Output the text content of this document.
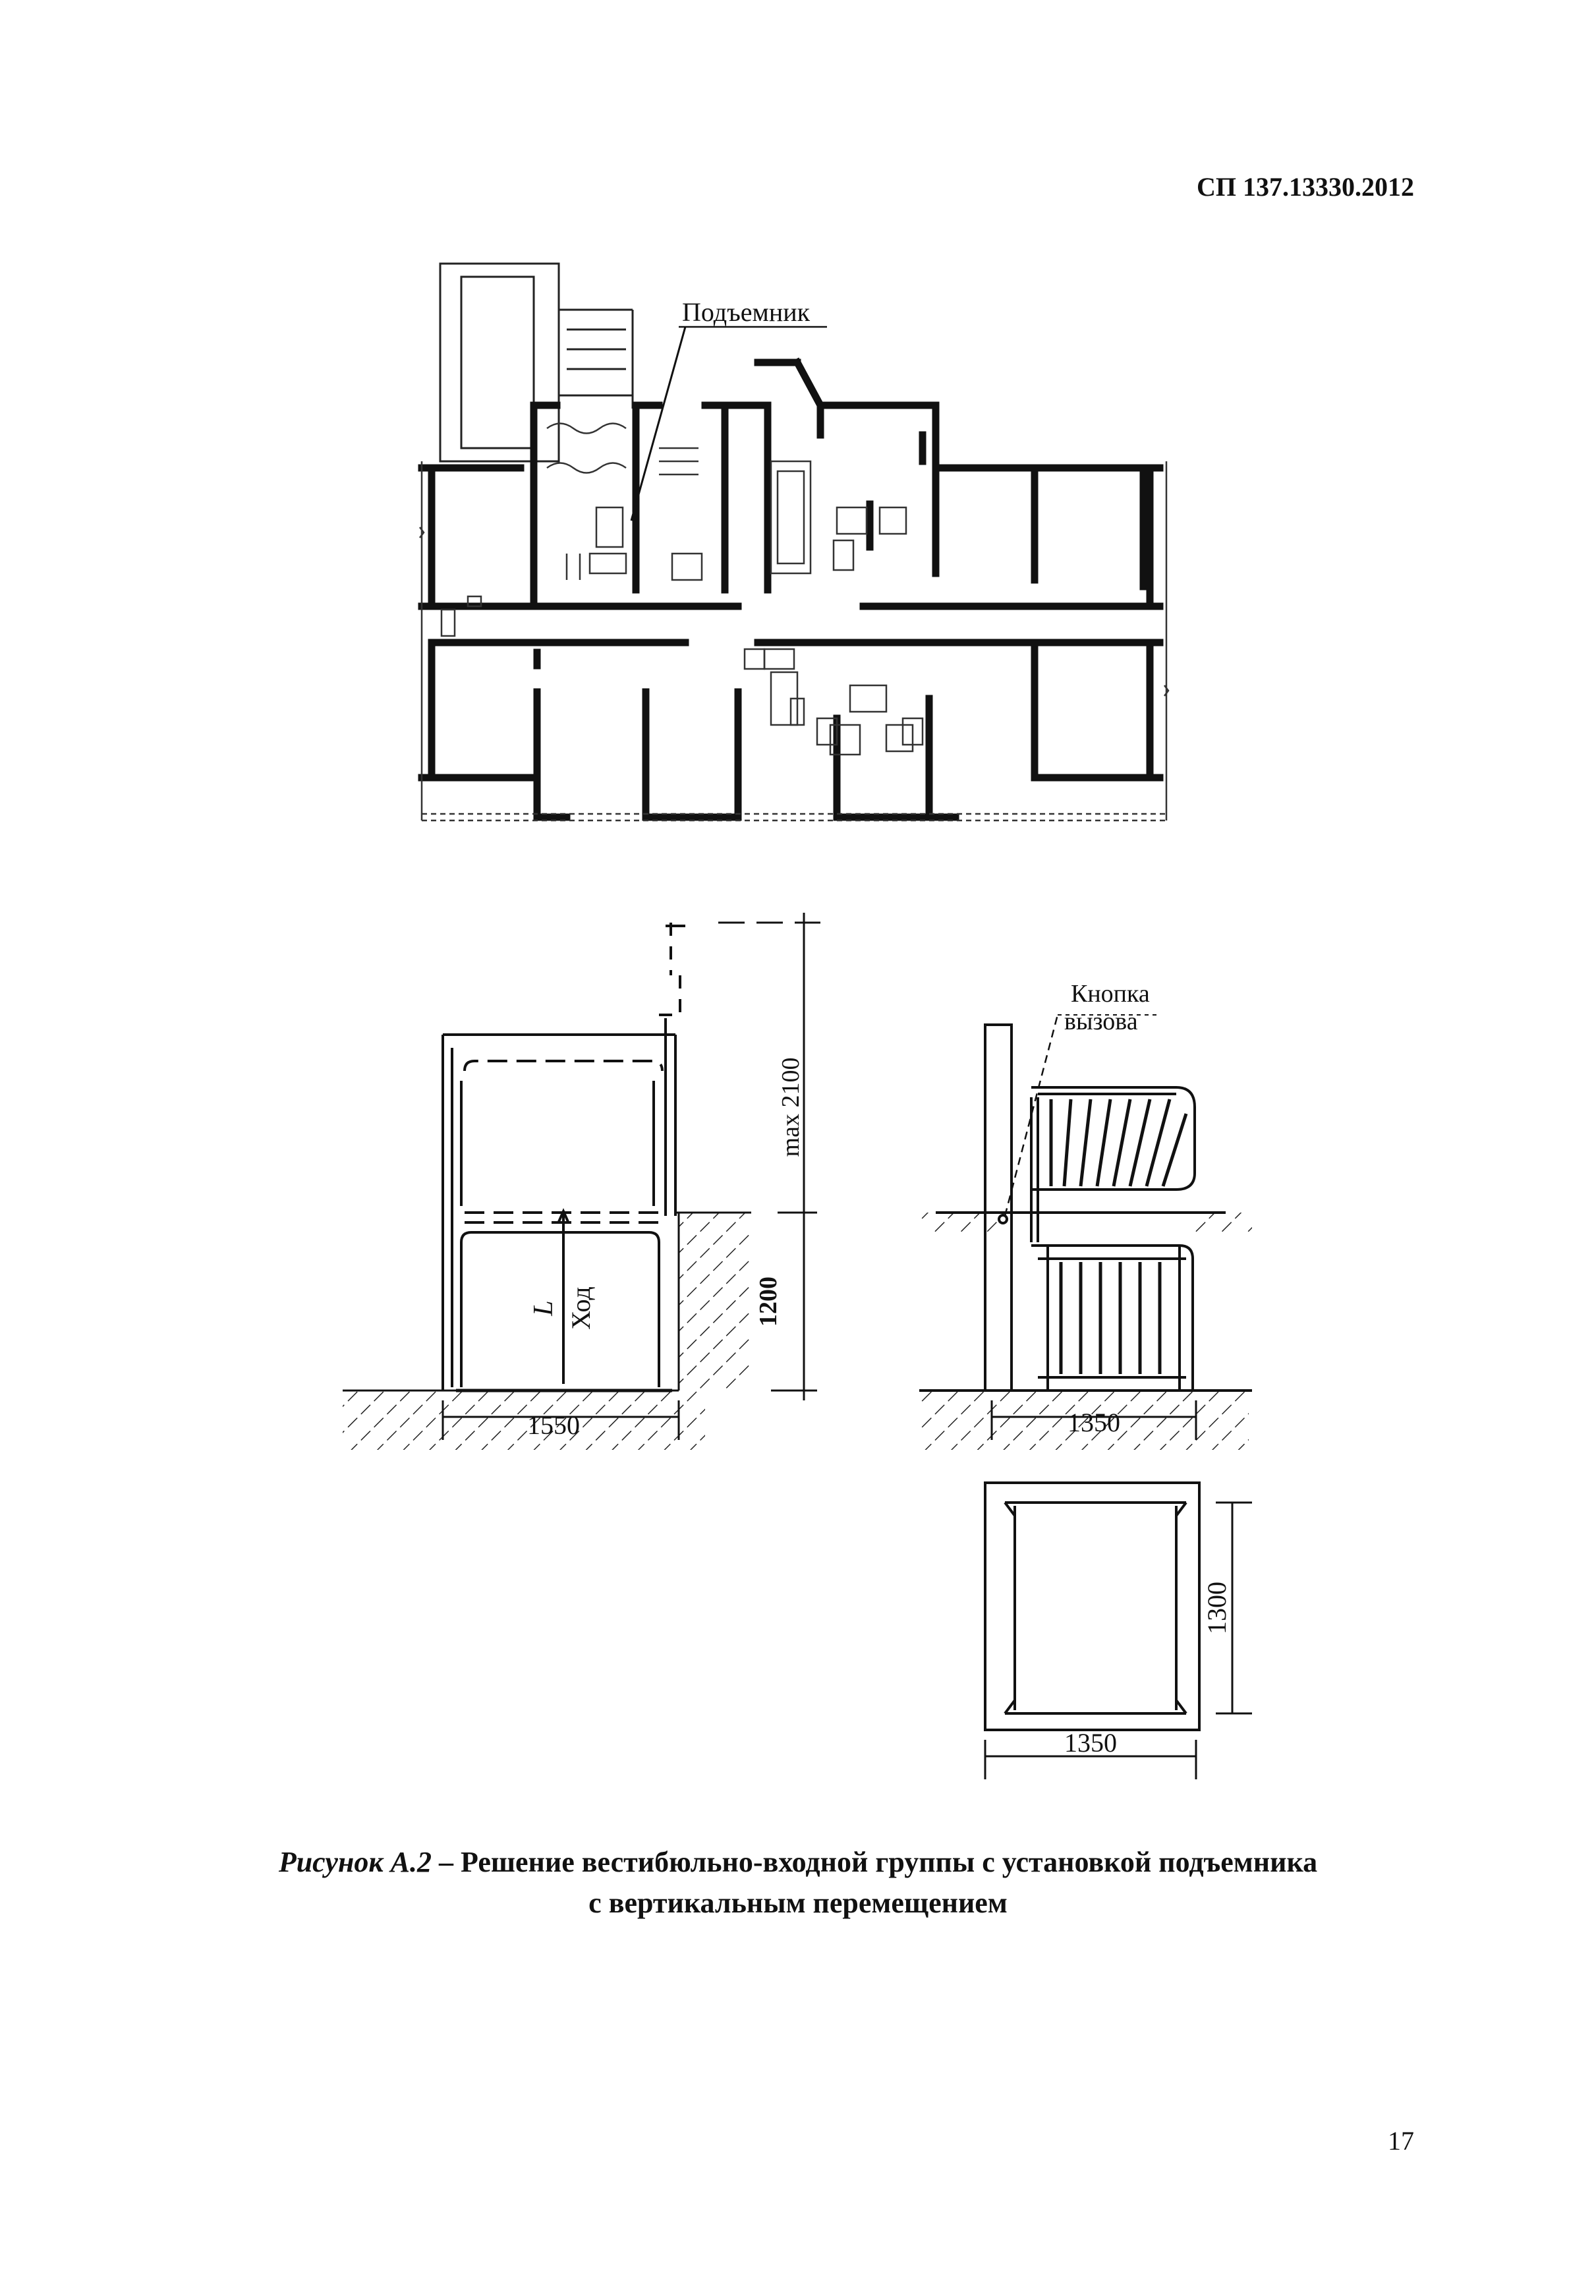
СП 137.13330.2012
Подъемник
max 2100
1200
L Ход
1550
Кнопка
вызова
1350
1300
1350
Рисунок А.2 – Решение вестибюльно-входной группы с установкой подъемника
с вертикальным перемещением
17
